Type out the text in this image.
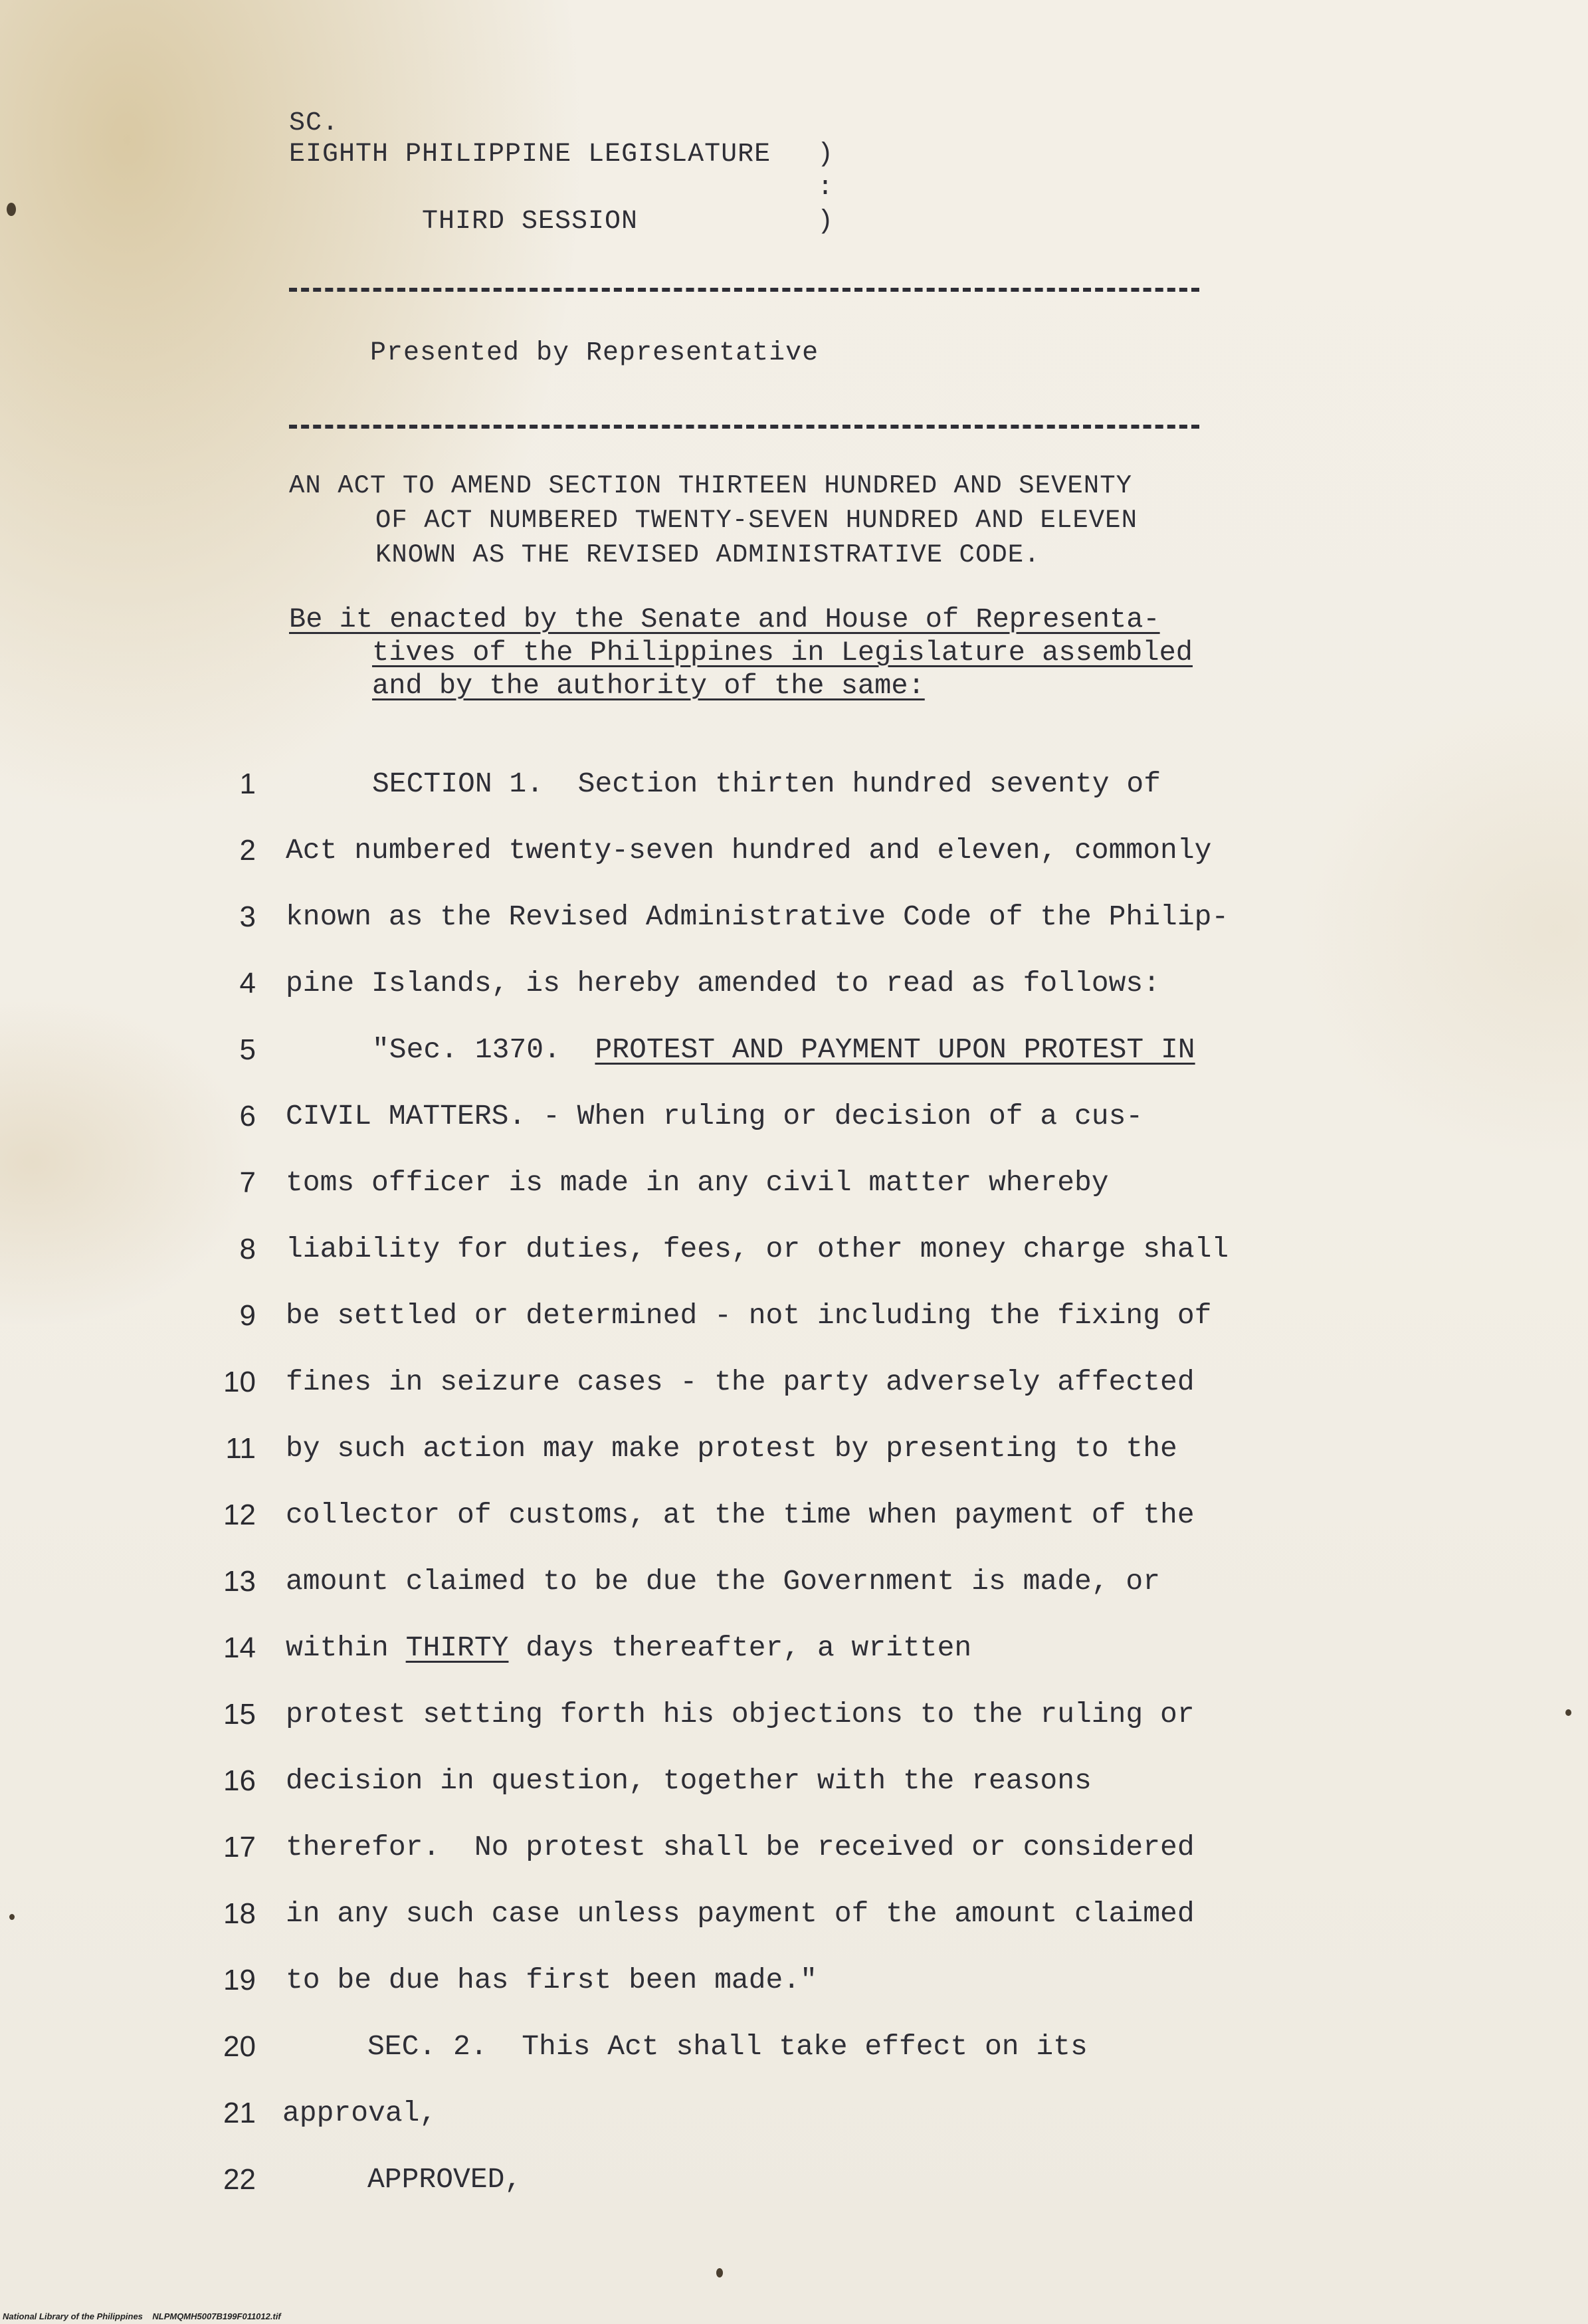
SC.
EIGHTH PHILIPPINE LEGISLATURE )
:
THIRD SESSION	)
Presented by Representative
AN ACT TO AMEND SECTION THIRTEEN HUNDRED AND SEVENTY
OF ACT NUMBERED TWENTY-SEVEN HUNDRED AND ELEVEN
KNOWN AS THE REVISED ADMINISTRATIVE CODE.
Be it enacted by the Senate and House of Representa-
tives of the Philippines in Legislature assembled
and by the authority of the same:
1	SECTION 1.  Section thirten hundred seventy of
2 Act numbered twenty-seven hundred and eleven, commonly
3 known as the Revised Administrative Code of the Philip-
4 pine Islands, is hereby amended to read as follows:
5	"Sec. 1370.  PROTEST AND PAYMENT UPON PROTEST IN
6 CIVIL MATTERS. - When ruling or decision of a cus-
7 toms officer is made in any civil matter whereby
8 liability for duties, fees, or other money charge shall
9 be settled or determined - not including the fixing of
10 fines in seizure cases - the party adversely affected
11 by such action may make protest by presenting to the
12 collector of customs, at the time when payment of the
13 amount claimed to be due the Government is made, or
14 within THIRTY days thereafter, a written
15 protest setting forth his objections to the ruling or
16 decision in question, together with the reasons
17 therefor.  No protest shall be received or considered
18 in any such case unless payment of the amount claimed
19 to be due has first been made."
20	SEC. 2.  This Act shall take effect on its
21 approval,
22	APPROVED,
National Library of the Philippines    NLPMQMH5007B199F011012.tif
